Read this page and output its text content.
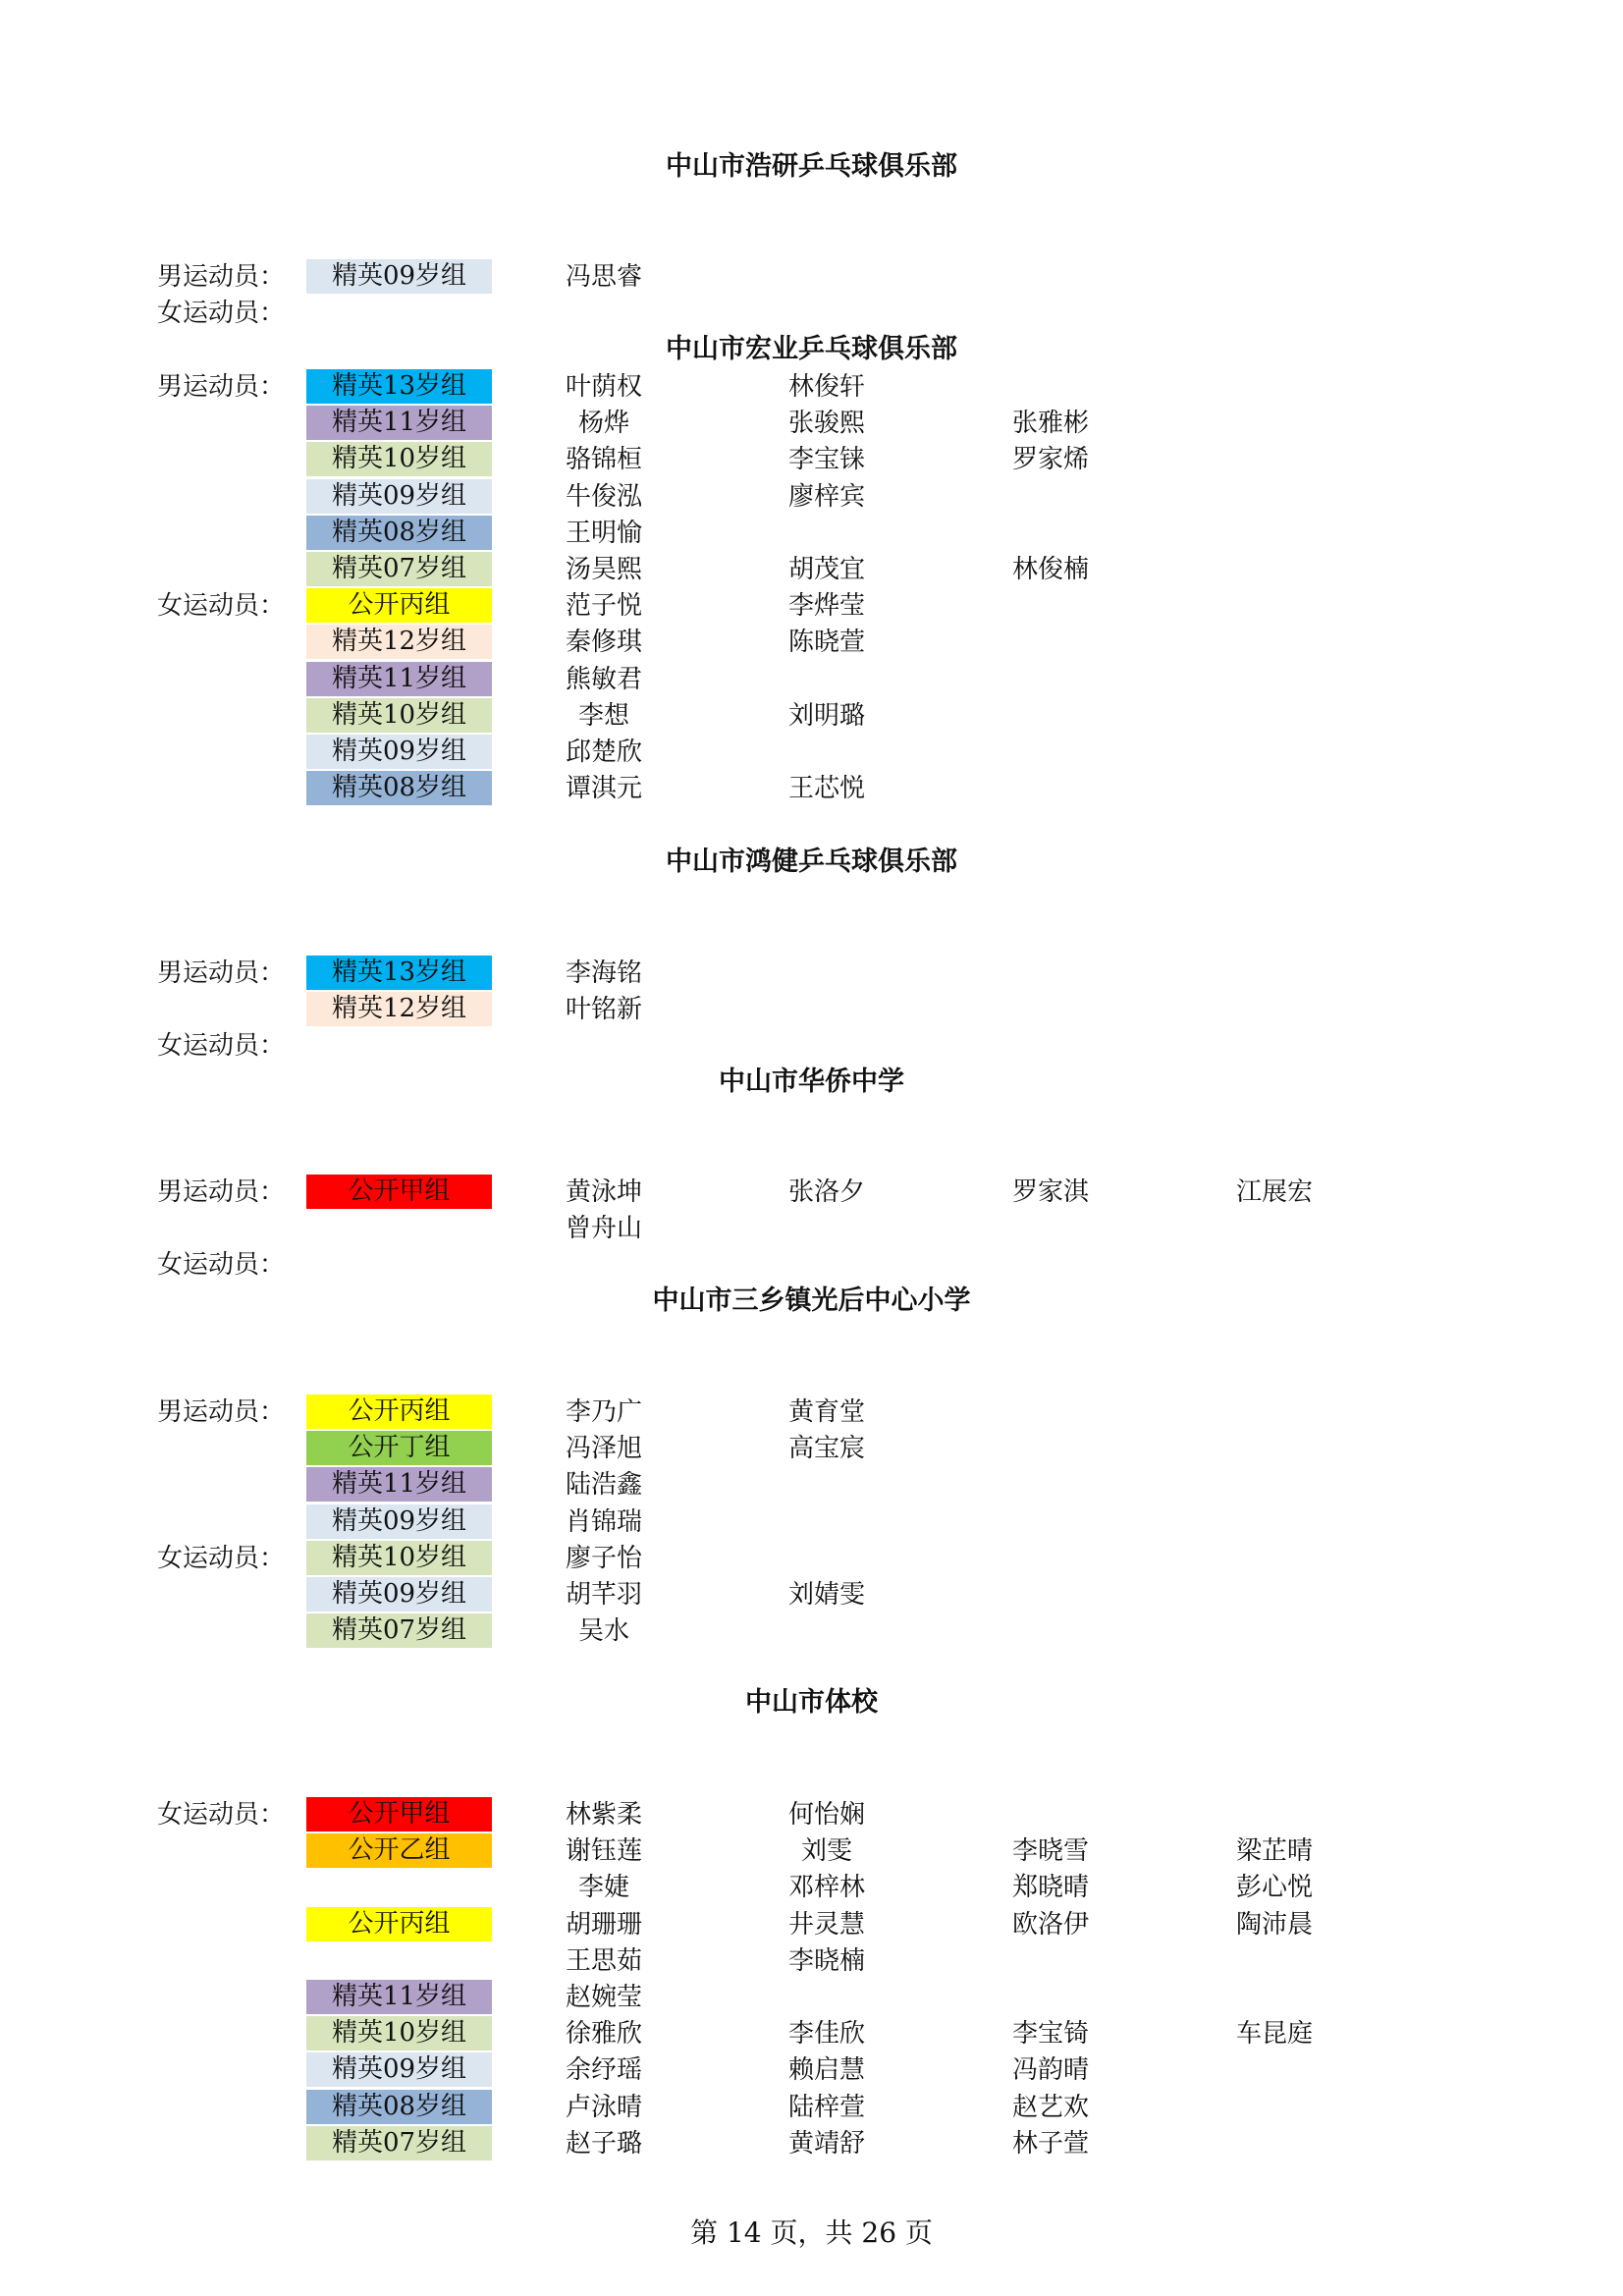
中山市浩研乒乓球俱乐部
男运动员：	精英09岁组	冯思睿
女运动员：
中山市宏业乒乓球俱乐部
男运动员：	精英13岁组	叶荫权	林俊轩
精英11岁组	杨烨	张骏熙	张雅彬
精英10岁组	骆锦桓	李宝铼	罗家烯
精英09岁组	牛俊泓	廖梓宾
精英08岁组	王明愉
精英07岁组	汤昊熙	胡茂宜	林俊楠
女运动员：	公开丙组	范子悦	李烨莹
精英12岁组	秦修琪	陈晓萱
精英11岁组	熊敏君
精英10岁组	李想	刘明璐
精英09岁组	邱楚欣
精英08岁组	谭淇元	王芯悦
中山市鸿健乒乓球俱乐部
男运动员：	精英13岁组	李海铭
精英12岁组	叶铭新
女运动员：
中山市华侨中学
男运动员：	公开甲组	黄泳坤	张洛夕	罗家淇	江展宏
曾舟山
女运动员：
中山市三乡镇光后中心小学
男运动员：	公开丙组	李乃广	黄育堂
公开丁组	冯泽旭	高宝宸
精英11岁组	陆浩鑫
精英09岁组	肖锦瑞
女运动员：	精英10岁组	廖子怡
精英09岁组	胡芊羽	刘婧雯
精英07岁组	吴水
中山市体校
女运动员：	公开甲组	林紫柔	何怡娴
公开乙组	谢钰莲	刘雯	李晓雪	梁芷晴
李婕	邓梓林	郑晓晴	彭心悦
公开丙组	胡珊珊	井灵慧	欧洛伊	陶沛晨
王思茹	李晓楠
精英11岁组	赵婉莹
精英10岁组	徐雅欣	李佳欣	李宝锜	车昆庭
精英09岁组	余纾瑶	赖启慧	冯韵晴
精英08岁组	卢泳晴	陆梓萱	赵艺欢
精英07岁组	赵子璐	黄靖舒	林子萱
第 14 页，共 26 页
